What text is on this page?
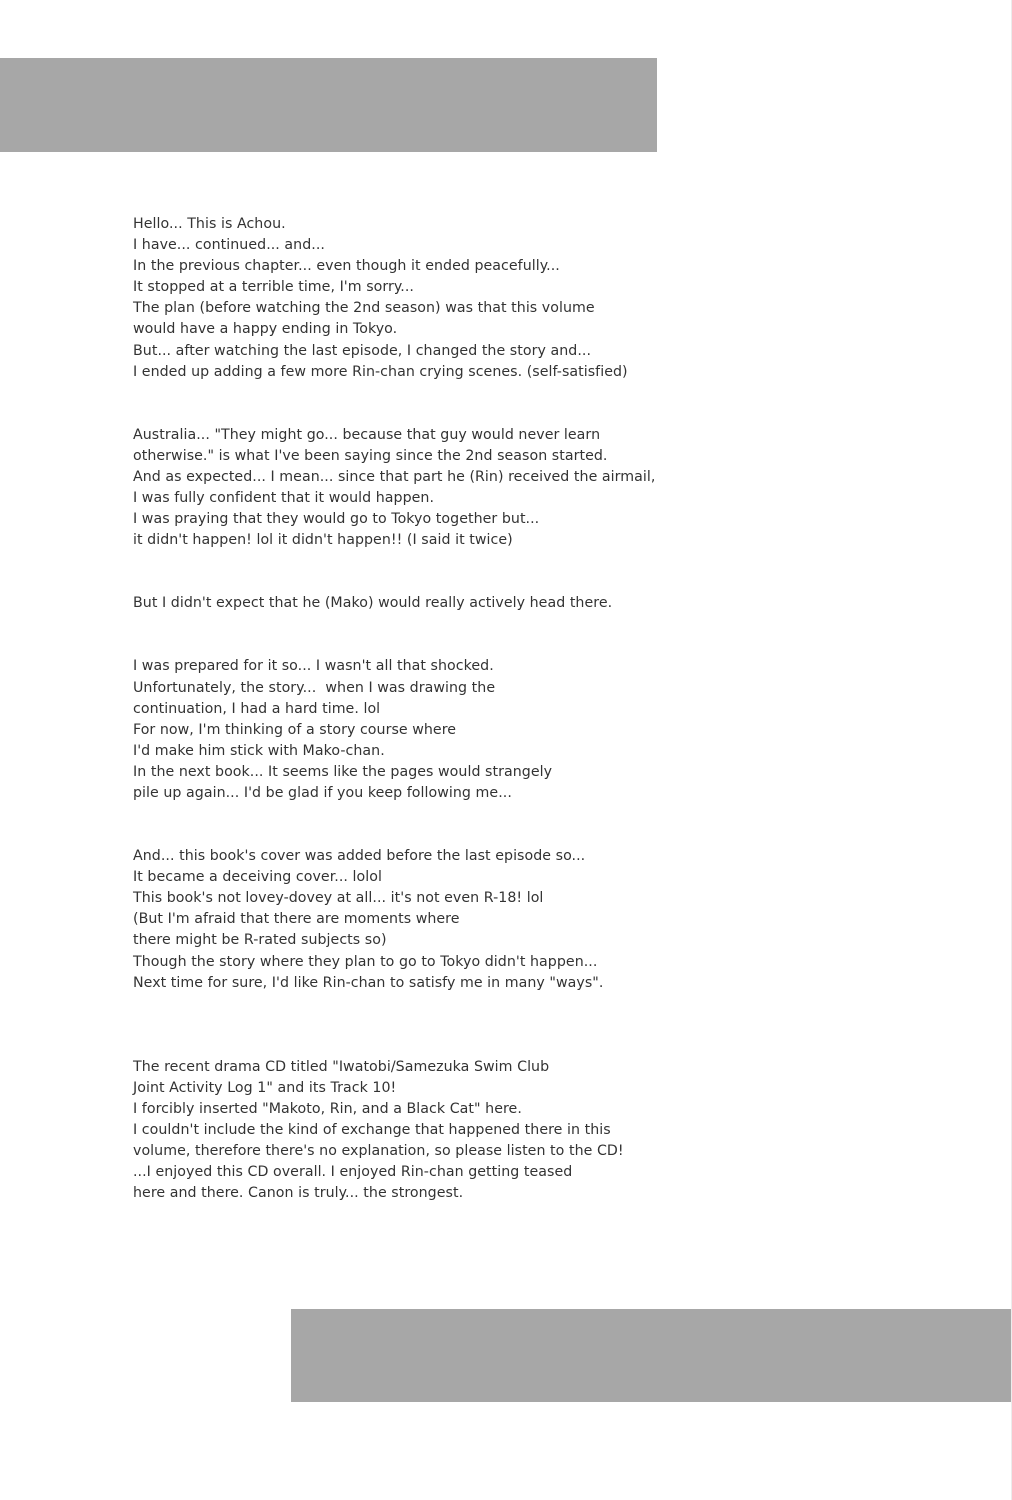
Hello... This is Achou.
I have... continued... and...
In the previous chapter... even though it ended peacefully...
It stopped at a terrible time, I'm sorry...
The plan (before watching the 2nd season) was that this volume
would have a happy ending in Tokyo.
But... after watching the last episode, I changed the story and...
I ended up adding a few more Rin-chan crying scenes. (self-satisfied)
Australia... "They might go... because that guy would never learn
otherwise." is what I've been saying since the 2nd season started.
And as expected... I mean... since that part he (Rin) received the airmail,
I was fully confident that it would happen.
I was praying that they would go to Tokyo together but...
it didn't happen! lol it didn't happen!! (I said it twice)
But I didn't expect that he (Mako) would really actively head there.
I was prepared for it so... I wasn't all that shocked.
Unfortunately, the story...  when I was drawing the
continuation, I had a hard time. lol
For now, I'm thinking of a story course where
I'd make him stick with Mako-chan.
In the next book... It seems like the pages would strangely
pile up again... I'd be glad if you keep following me...
And... this book's cover was added before the last episode so...
It became a deceiving cover... lolol
This book's not lovey-dovey at all... it's not even R-18! lol
(But I'm afraid that there are moments where
there might be R-rated subjects so)
Though the story where they plan to go to Tokyo didn't happen...
Next time for sure, I'd like Rin-chan to satisfy me in many "ways".
The recent drama CD titled "Iwatobi/Samezuka Swim Club
Joint Activity Log 1" and its Track 10!
I forcibly inserted "Makoto, Rin, and a Black Cat" here.
I couldn't include the kind of exchange that happened there in this
volume, therefore there's no explanation, so please listen to the CD!
...I enjoyed this CD overall. I enjoyed Rin-chan getting teased
here and there. Canon is truly... the strongest.
